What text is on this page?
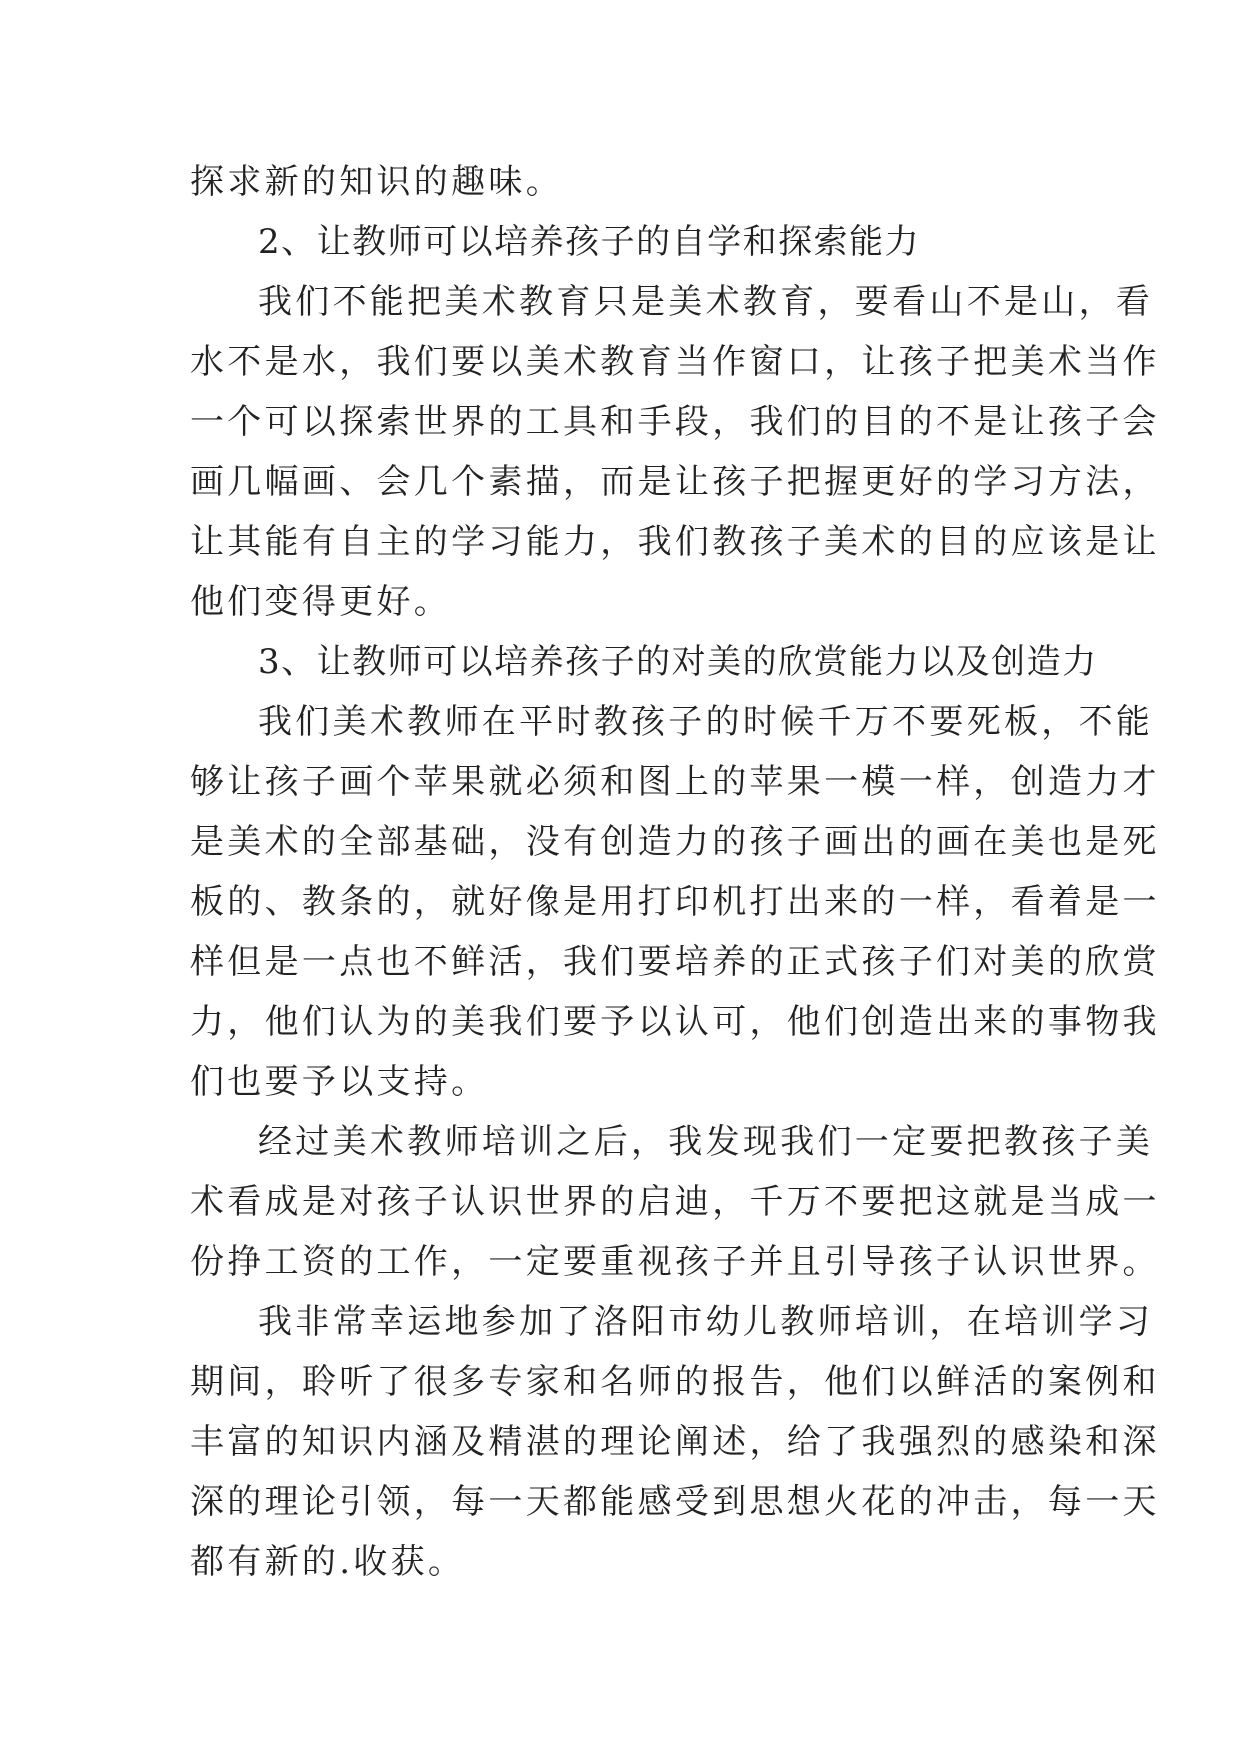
探求新的知识的趣味。
2、让教师可以培养孩子的自学和探索能力
我们不能把美术教育只是美术教育，要看山不是山，看
水不是水，我们要以美术教育当作窗口，让孩子把美术当作
一个可以探索世界的工具和手段，我们的目的不是让孩子会
画几幅画、会几个素描，而是让孩子把握更好的学习方法，
让其能有自主的学习能力，我们教孩子美术的目的应该是让
他们变得更好。
3、让教师可以培养孩子的对美的欣赏能力以及创造力
我们美术教师在平时教孩子的时候千万不要死板，不能
够让孩子画个苹果就必须和图上的苹果一模一样，创造力才
是美术的全部基础，没有创造力的孩子画出的画在美也是死
板的、教条的，就好像是用打印机打出来的一样，看着是一
样但是一点也不鲜活，我们要培养的正式孩子们对美的欣赏
力，他们认为的美我们要予以认可，他们创造出来的事物我
们也要予以支持。
经过美术教师培训之后，我发现我们一定要把教孩子美
术看成是对孩子认识世界的启迪，千万不要把这就是当成一
份挣工资的工作，一定要重视孩子并且引导孩子认识世界。
我非常幸运地参加了洛阳市幼儿教师培训，在培训学习
期间，聆听了很多专家和名师的报告，他们以鲜活的案例和
丰富的知识内涵及精湛的理论阐述，给了我强烈的感染和深
深的理论引领，每一天都能感受到思想火花的冲击，每一天
都有新的.收获。
